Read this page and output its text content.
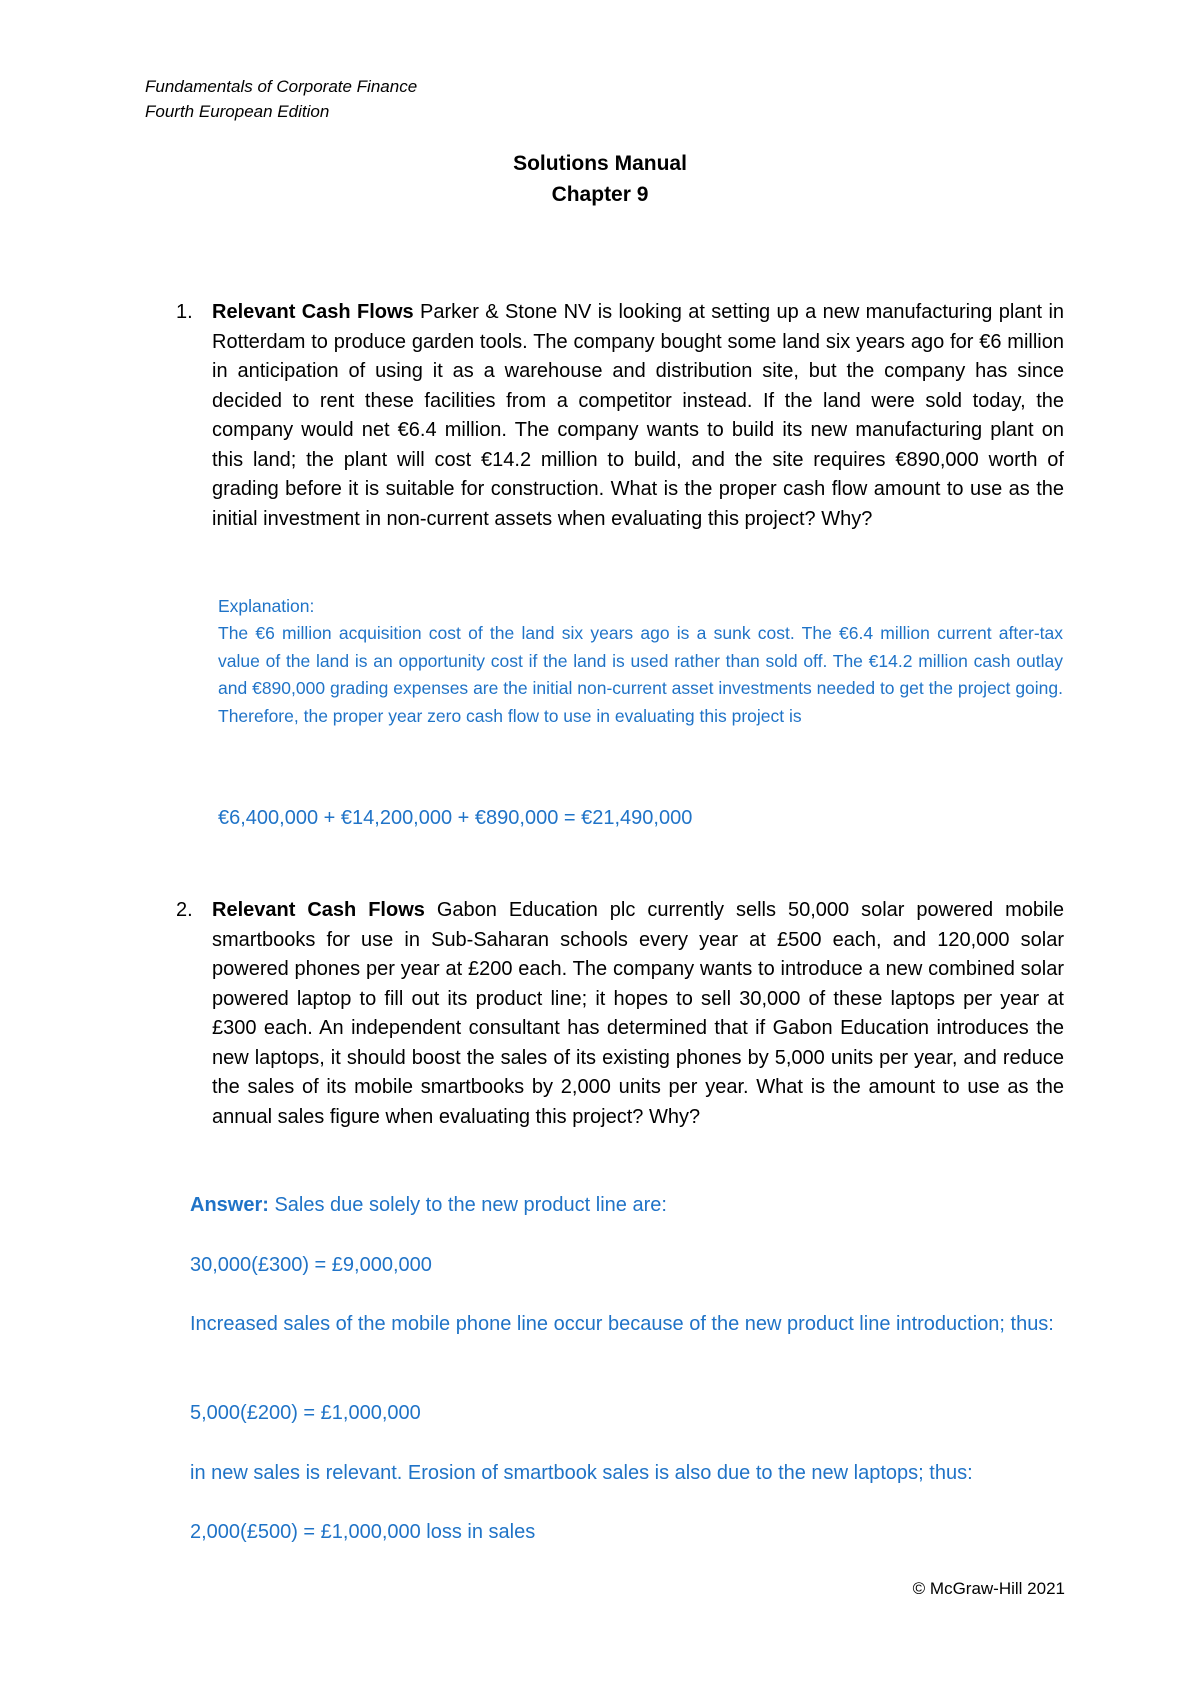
Fundamentals of Corporate Finance
Fourth European Edition
Solutions Manual
Chapter 9
1. Relevant Cash Flows Parker & Stone NV is looking at setting up a new manufacturing plant in Rotterdam to produce garden tools. The company bought some land six years ago for €6 million in anticipation of using it as a warehouse and distribution site, but the company has since decided to rent these facilities from a competitor instead. If the land were sold today, the company would net €6.4 million. The company wants to build its new manufacturing plant on this land; the plant will cost €14.2 million to build, and the site requires €890,000 worth of grading before it is suitable for construction. What is the proper cash flow amount to use as the initial investment in non-current assets when evaluating this project? Why?
Explanation:
The €6 million acquisition cost of the land six years ago is a sunk cost. The €6.4 million current after-tax value of the land is an opportunity cost if the land is used rather than sold off. The €14.2 million cash outlay and €890,000 grading expenses are the initial non-current asset investments needed to get the project going. Therefore, the proper year zero cash flow to use in evaluating this project is
€6,400,000 + €14,200,000 + €890,000 = €21,490,000
2. Relevant Cash Flows Gabon Education plc currently sells 50,000 solar powered mobile smartbooks for use in Sub-Saharan schools every year at £500 each, and 120,000 solar powered phones per year at £200 each. The company wants to introduce a new combined solar powered laptop to fill out its product line; it hopes to sell 30,000 of these laptops per year at £300 each. An independent consultant has determined that if Gabon Education introduces the new laptops, it should boost the sales of its existing phones by 5,000 units per year, and reduce the sales of its mobile smartbooks by 2,000 units per year. What is the amount to use as the annual sales figure when evaluating this project? Why?
Answer: Sales due solely to the new product line are:
30,000(£300) = £9,000,000
Increased sales of the mobile phone line occur because of the new product line introduction; thus:
5,000(£200) = £1,000,000
in new sales is relevant. Erosion of smartbook sales is also due to the new laptops; thus:
2,000(£500) = £1,000,000 loss in sales
© McGraw-Hill 2021
